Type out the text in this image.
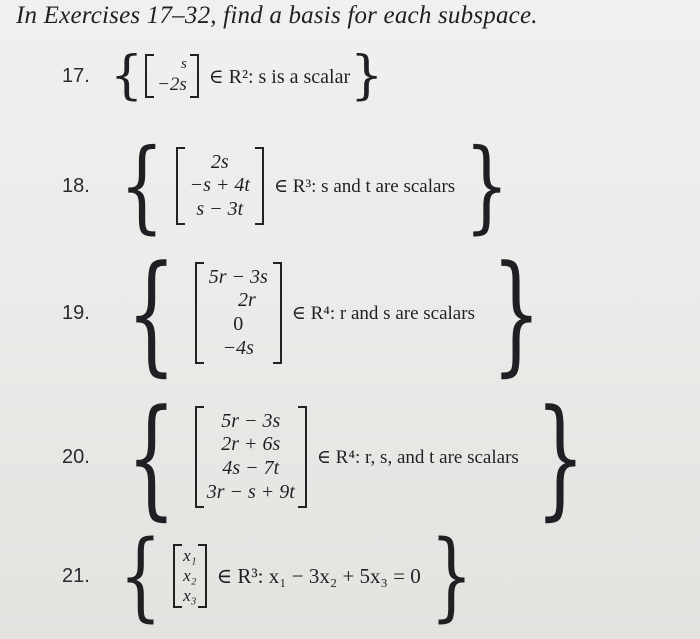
In Exercises 17–32, find a basis for each subspace.
17. {	s
−2s ∈ R²: s is a scalar }
18. { 2s
−s + 4t
s − 3t
∈ R³: s and t are scalars }
19. { 5r − 3s
2r
0
−4s
∈ R⁴: r and s are scalars }
20. { 5r − 3s
2r + 6s
4s − 7t
3r − s + 9t
∈ R⁴: r, s, and t are scalars }
21. { x₁
x₂
x₃
∈ R³: x₁ − 3x₂ + 5x₃ = 0 }
